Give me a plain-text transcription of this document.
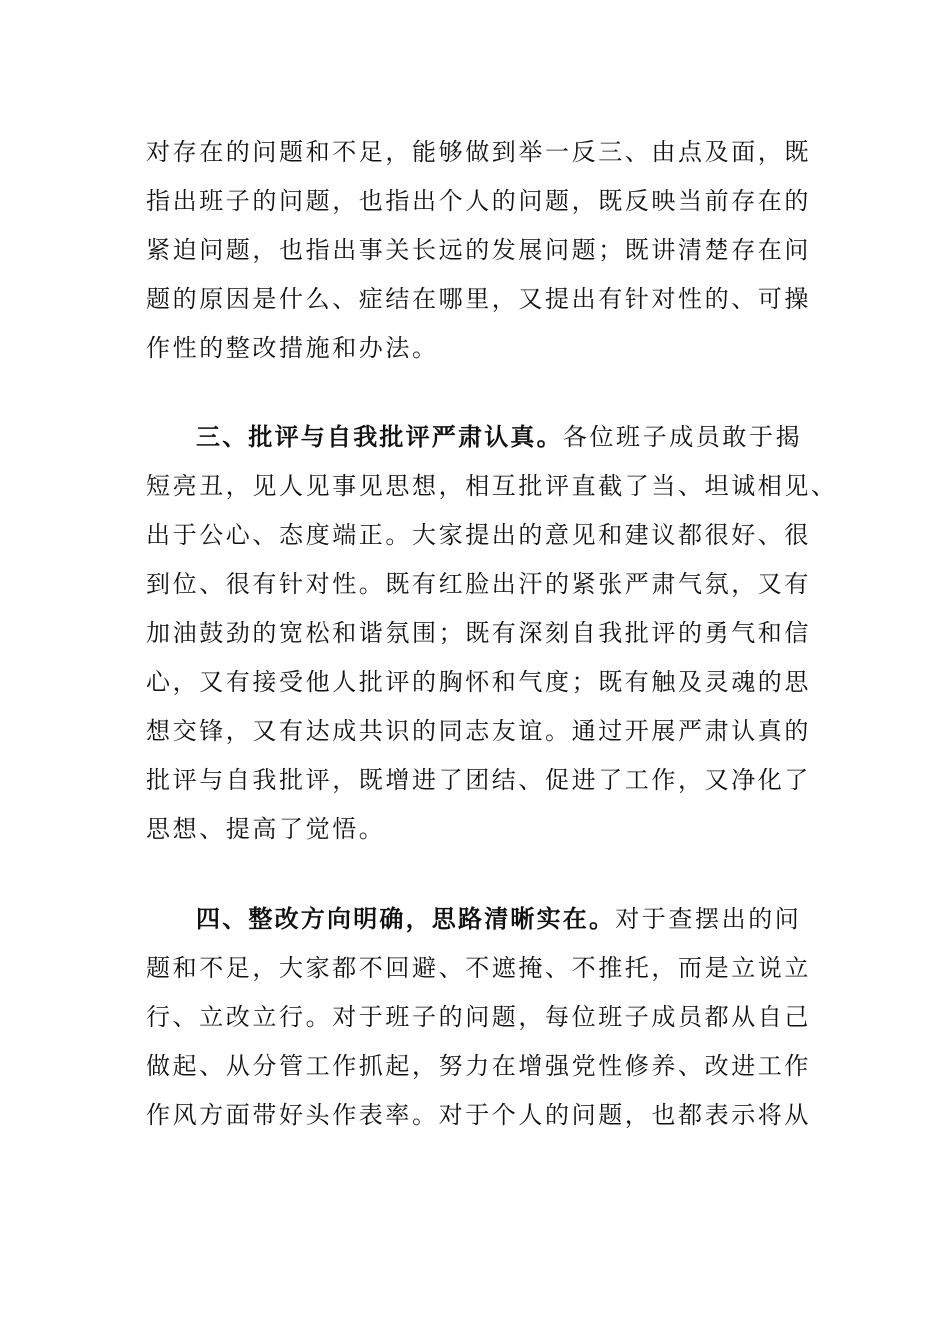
对存在的问题和不足，能够做到举一反三、由点及面，既
指出班子的问题，也指出个人的问题，既反映当前存在的
紧迫问题，也指出事关长远的发展问题；既讲清楚存在问
题的原因是什么、症结在哪里，又提出有针对性的、可操
作性的整改措施和办法。
三、批评与自我批评严肃认真。各位班子成员敢于揭
短亮丑，见人见事见思想，相互批评直截了当、坦诚相见、
出于公心、态度端正。大家提出的意见和建议都很好、很
到位、很有针对性。既有红脸出汗的紧张严肃气氛，又有
加油鼓劲的宽松和谐氛围；既有深刻自我批评的勇气和信
心，又有接受他人批评的胸怀和气度；既有触及灵魂的思
想交锋，又有达成共识的同志友谊。通过开展严肃认真的
批评与自我批评，既增进了团结、促进了工作，又净化了
思想、提高了觉悟。
四、整改方向明确，思路清晰实在。对于查摆出的问
题和不足，大家都不回避、不遮掩、不推托，而是立说立
行、立改立行。对于班子的问题，每位班子成员都从自己
做起、从分管工作抓起，努力在增强党性修养、改进工作
作风方面带好头作表率。对于个人的问题，也都表示将从
